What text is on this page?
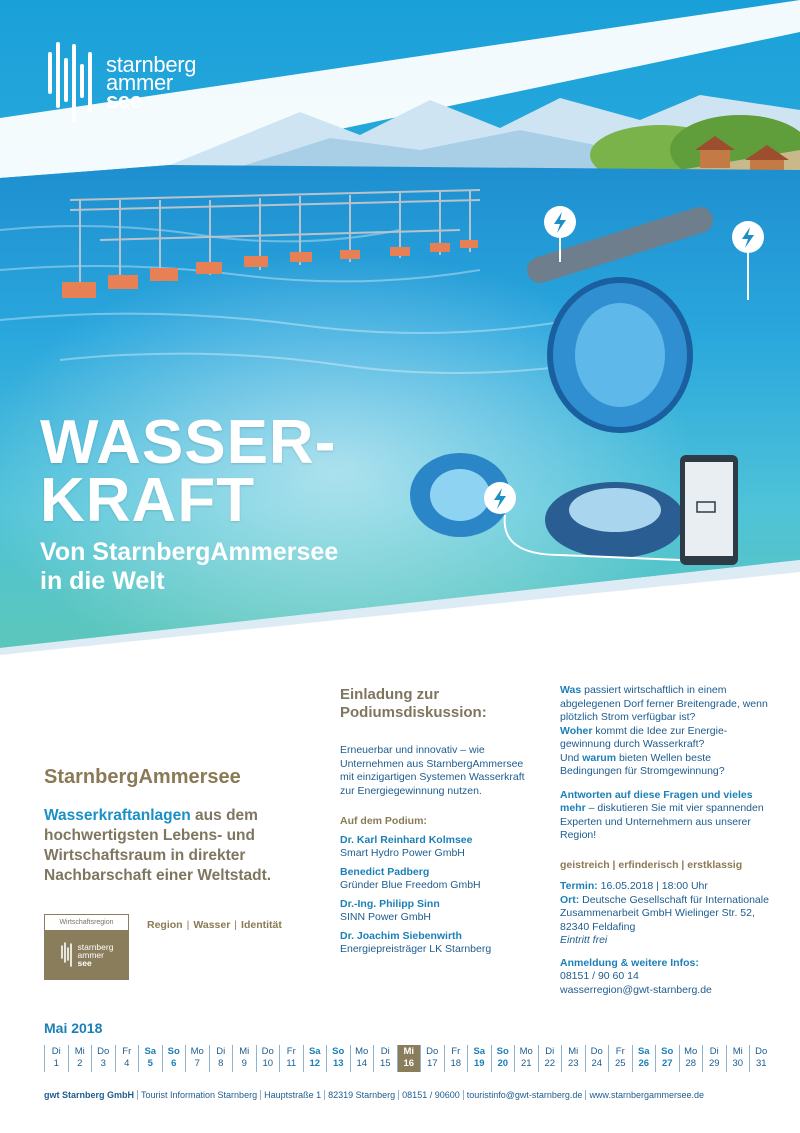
starnberg
ammer
see
WASSER-
KRAFT
Von StarnbergAmmersee
in die Welt
StarnbergAmmersee
Wasserkraftanlagen aus dem hochwertigsten Lebens- und Wirtschaftsraum in direkter Nachbarschaft einer Weltstadt.
Wirtschaftsregion
starnberg
ammer
see
Region | Wasser | Identität
Einladung zur
Podiumsdiskussion:

Erneuerbar und innovativ – wie Unternehmen aus StarnbergAmmersee mit einzigartigen Systemen Wasserkraft zur Energiegewinnung nutzen.

Auf dem Podium:
Dr. Karl Reinhard Kolmsee
Smart Hydro Power GmbH
Benedict Padberg
Gründer Blue Freedom GmbH
Dr.-Ing. Philipp Sinn
SINN Power GmbH
Dr. Joachim Siebenwirth
Energiepreisträger LK Starnberg
Was passiert wirtschaftlich in einem abgelegenen Dorf ferner Breitengrade, wenn plötzlich Strom verfügbar ist?
Woher kommt die Idee zur Energie-gewinnung durch Wasserkraft?
Und warum bieten Wellen beste Bedingungen für Stromgewinnung?
Antworten auf diese Fragen und vieles mehr – diskutieren Sie mit vier spannenden Experten und Unternehmern aus unserer Region!
geistreich | erfinderisch | erstklassig
Termin: 16.05.2018 | 18:00 Uhr
Ort: Deutsche Gesellschaft für Internationale Zusammenarbeit GmbH Wielinger Str. 52, 82340 Feldafing
Eintritt frei
Anmeldung & weitere Infos:
08151 / 90 60 14
wasserregion@gwt-starnberg.de
Mai 2018
Di
1
Mi
2
Do
3
Fr
4
Sa
5
So
6
Mo
7
Di
8
Mi
9
Do
10
Fr
11
Sa
12
So
13
Mo
14
Di
15
Mi
16
Do
17
Fr
18
Sa
19
So
20
Mo
21
Di
22
Mi
23
Do
24
Fr
25
Sa
26
So
27
Mo
28
Di
29
Mi
30
Do
31
gwt Starnberg GmbH Tourist Information Starnberg Hauptstraße 1 82319 Starnberg 08151 / 90600 touristinfo@gwt-starnberg.de www.starnbergammersee.de
